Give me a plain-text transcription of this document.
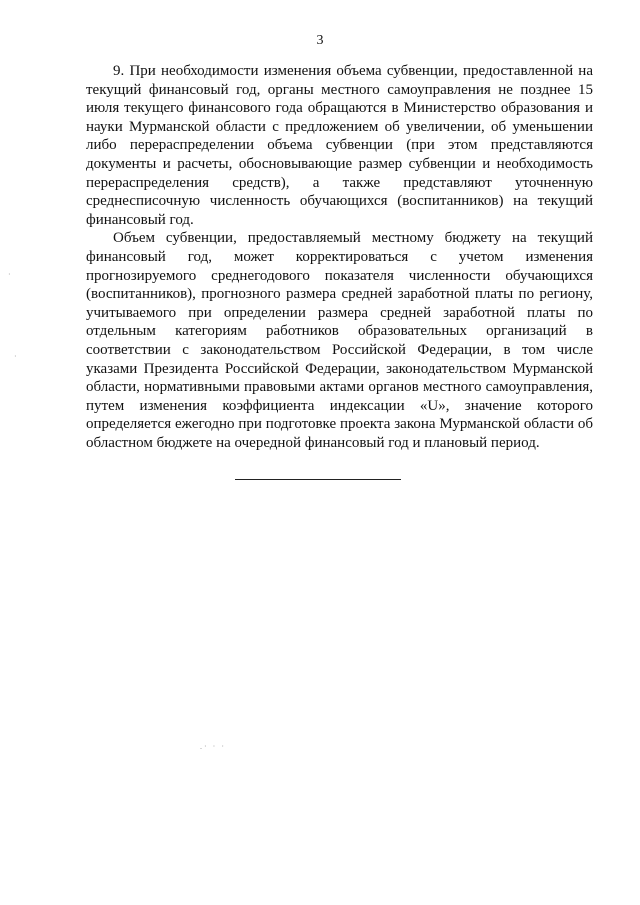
3

9. При необходимости изменения объема субвенции, предоставленной на текущий финансовый год, органы местного самоуправления не позднее 15 июля текущего финансового года обращаются в Министерство образования и науки Мурманской области с предложением об увеличении, об уменьшении либо перераспределении объема субвенции (при этом представляются документы и расчеты, обосновывающие размер субвенции и необходимость перераспределения средств), а также представляют уточненную среднесписочную численность обучающихся (воспитанников) на текущий финансовый год.

Объем субвенции, предоставляемый местному бюджету на текущий финансовый год, может корректироваться с учетом изменения прогнозируемого среднегодового показателя численности обучающихся (воспитанников), прогнозного размера средней заработной платы по региону, учитываемого при определении размера средней заработной платы по отдельным категориям работников образовательных организаций в соответствии с законодательством Российской Федерации, в том числе указами Президента Российской Федерации, законодательством Мурманской области, нормативными правовыми актами органов местного самоуправления, путем изменения коэффициента индексации «U», значение которого определяется ежегодно при подготовке проекта закона Мурманской области об областном бюджете на очередной финансовый год и плановый период.

.· · ·
·
·
